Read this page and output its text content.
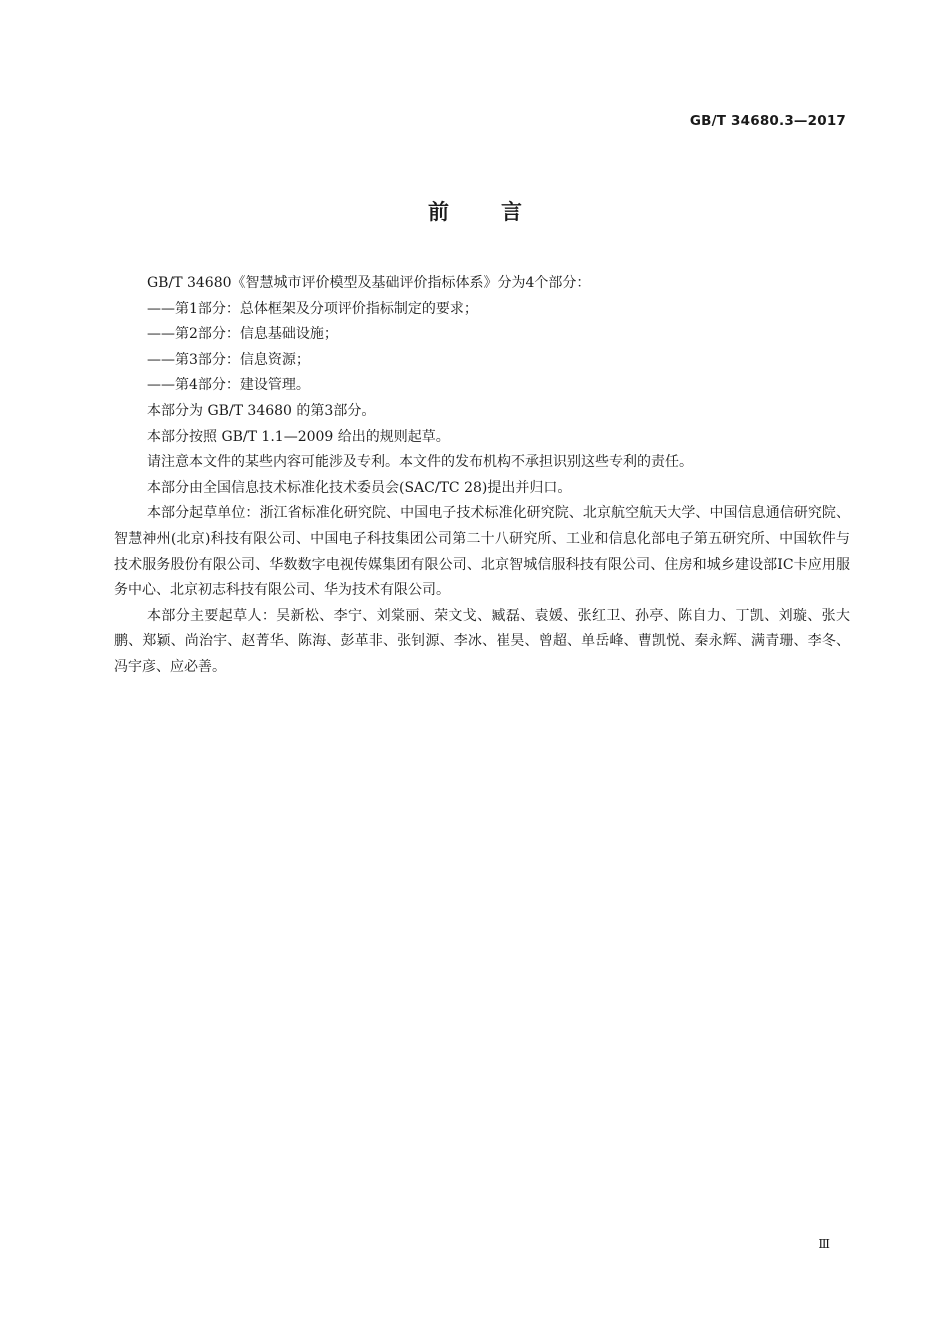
GB/T 34680.3—2017
前 言

GB/T 34680《智慧城市评价模型及基础评价指标体系》分为4个部分：

——第1部分：总体框架及分项评价指标制定的要求；

——第2部分：信息基础设施；

——第3部分：信息资源；

——第4部分：建设管理。

本部分为 GB/T 34680 的第3部分。

本部分按照 GB/T 1.1—2009 给出的规则起草。

请注意本文件的某些内容可能涉及专利。本文件的发布机构不承担识别这些专利的责任。

本部分由全国信息技术标准化技术委员会(SAC/TC 28)提出并归口。

本部分起草单位：浙江省标准化研究院、中国电子技术标准化研究院、北京航空航天大学、中国信息通信研究院、智慧神州(北京)科技有限公司、中国电子科技集团公司第二十八研究所、工业和信息化部电子第五研究所、中国软件与技术服务股份有限公司、华数数字电视传媒集团有限公司、北京智城信服科技有限公司、住房和城乡建设部IC卡应用服务中心、北京初志科技有限公司、华为技术有限公司。

本部分主要起草人：吴新松、李宁、刘棠丽、荣文戈、臧磊、袁媛、张红卫、孙亭、陈自力、丁凯、刘璇、张大鹏、郑颖、尚治宇、赵菁华、陈海、彭革非、张钊源、李冰、崔昊、曾超、单岳峰、曹凯悦、秦永辉、满青珊、李冬、冯宇彦、应必善。

Ⅲ
